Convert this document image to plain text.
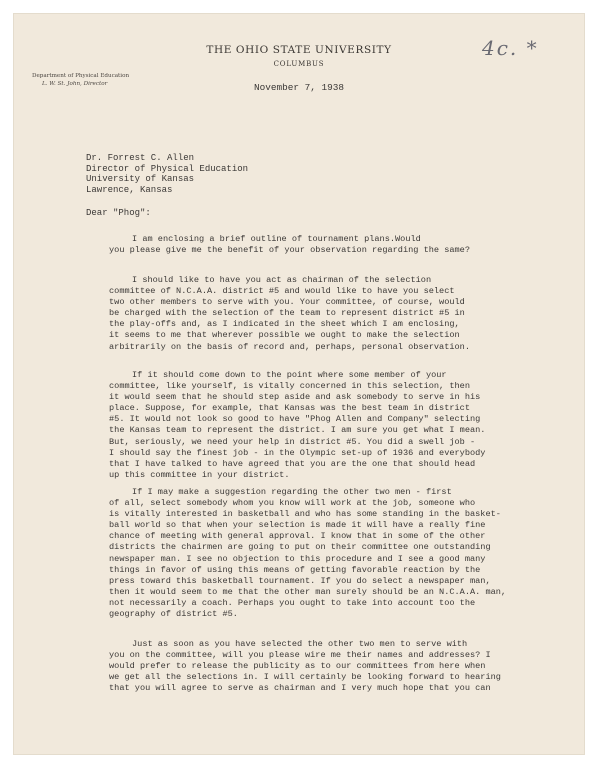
THE OHIO STATE UNIVERSITY
COLUMBUS
Department of Physical Education
L. W. St. John, Director
4c. *
November 7, 1938
Dr. Forrest C. Allen
Director of Physical Education
University of Kansas
Lawrence, Kansas
Dear "Phog":
I am enclosing a brief outline of tournament plans.Would
you please give me the benefit of your observation regarding the same?
I should like to have you act as chairman of the selection
committee of N.C.A.A. district #5 and would like to have you select
two other members to serve with you. Your committee, of course, would
be charged with the selection of the team to represent district #5 in
the play-offs and, as I indicated in the sheet which I am enclosing,
it seems to me that wherever possible we ought to make the selection
arbitrarily on the basis of record and, perhaps, personal observation.
If it should come down to the point where some member of your
committee, like yourself, is vitally concerned in this selection, then
it would seem that he should step aside and ask somebody to serve in his
place. Suppose, for example, that Kansas was the best team in district
#5. It would not look so good to have "Phog Allen and Company" selecting
the Kansas team to represent the district. I am sure you get what I mean.
But, seriously, we need your help in district #5. You did a swell job -
I should say the finest job - in the Olympic set-up of 1936 and everybody
that I have talked to have agreed that you are the one that should head
up this committee in your district.
If I may make a suggestion regarding the other two men - first
of all, select somebody whom you know will work at the job, someone who
is vitally interested in basketball and who has some standing in the basket-
ball world so that when your selection is made it will have a really fine
chance of meeting with general approval. I know that in some of the other
districts the chairmen are going to put on their committee one outstanding
newspaper man. I see no objection to this procedure and I see a good many
things in favor of using this means of getting favorable reaction by the
press toward this basketball tournament. If you do select a newspaper man,
then it would seem to me that the other man surely should be an N.C.A.A. man,
not necessarily a coach. Perhaps you ought to take into account too the
geography of district #5.
Just as soon as you have selected the other two men to serve with
you on the committee, will you please wire me their names and addresses? I
would prefer to release the publicity as to our committees from here when
we get all the selections in. I will certainly be looking forward to hearing
that you will agree to serve as chairman and I very much hope that you can
